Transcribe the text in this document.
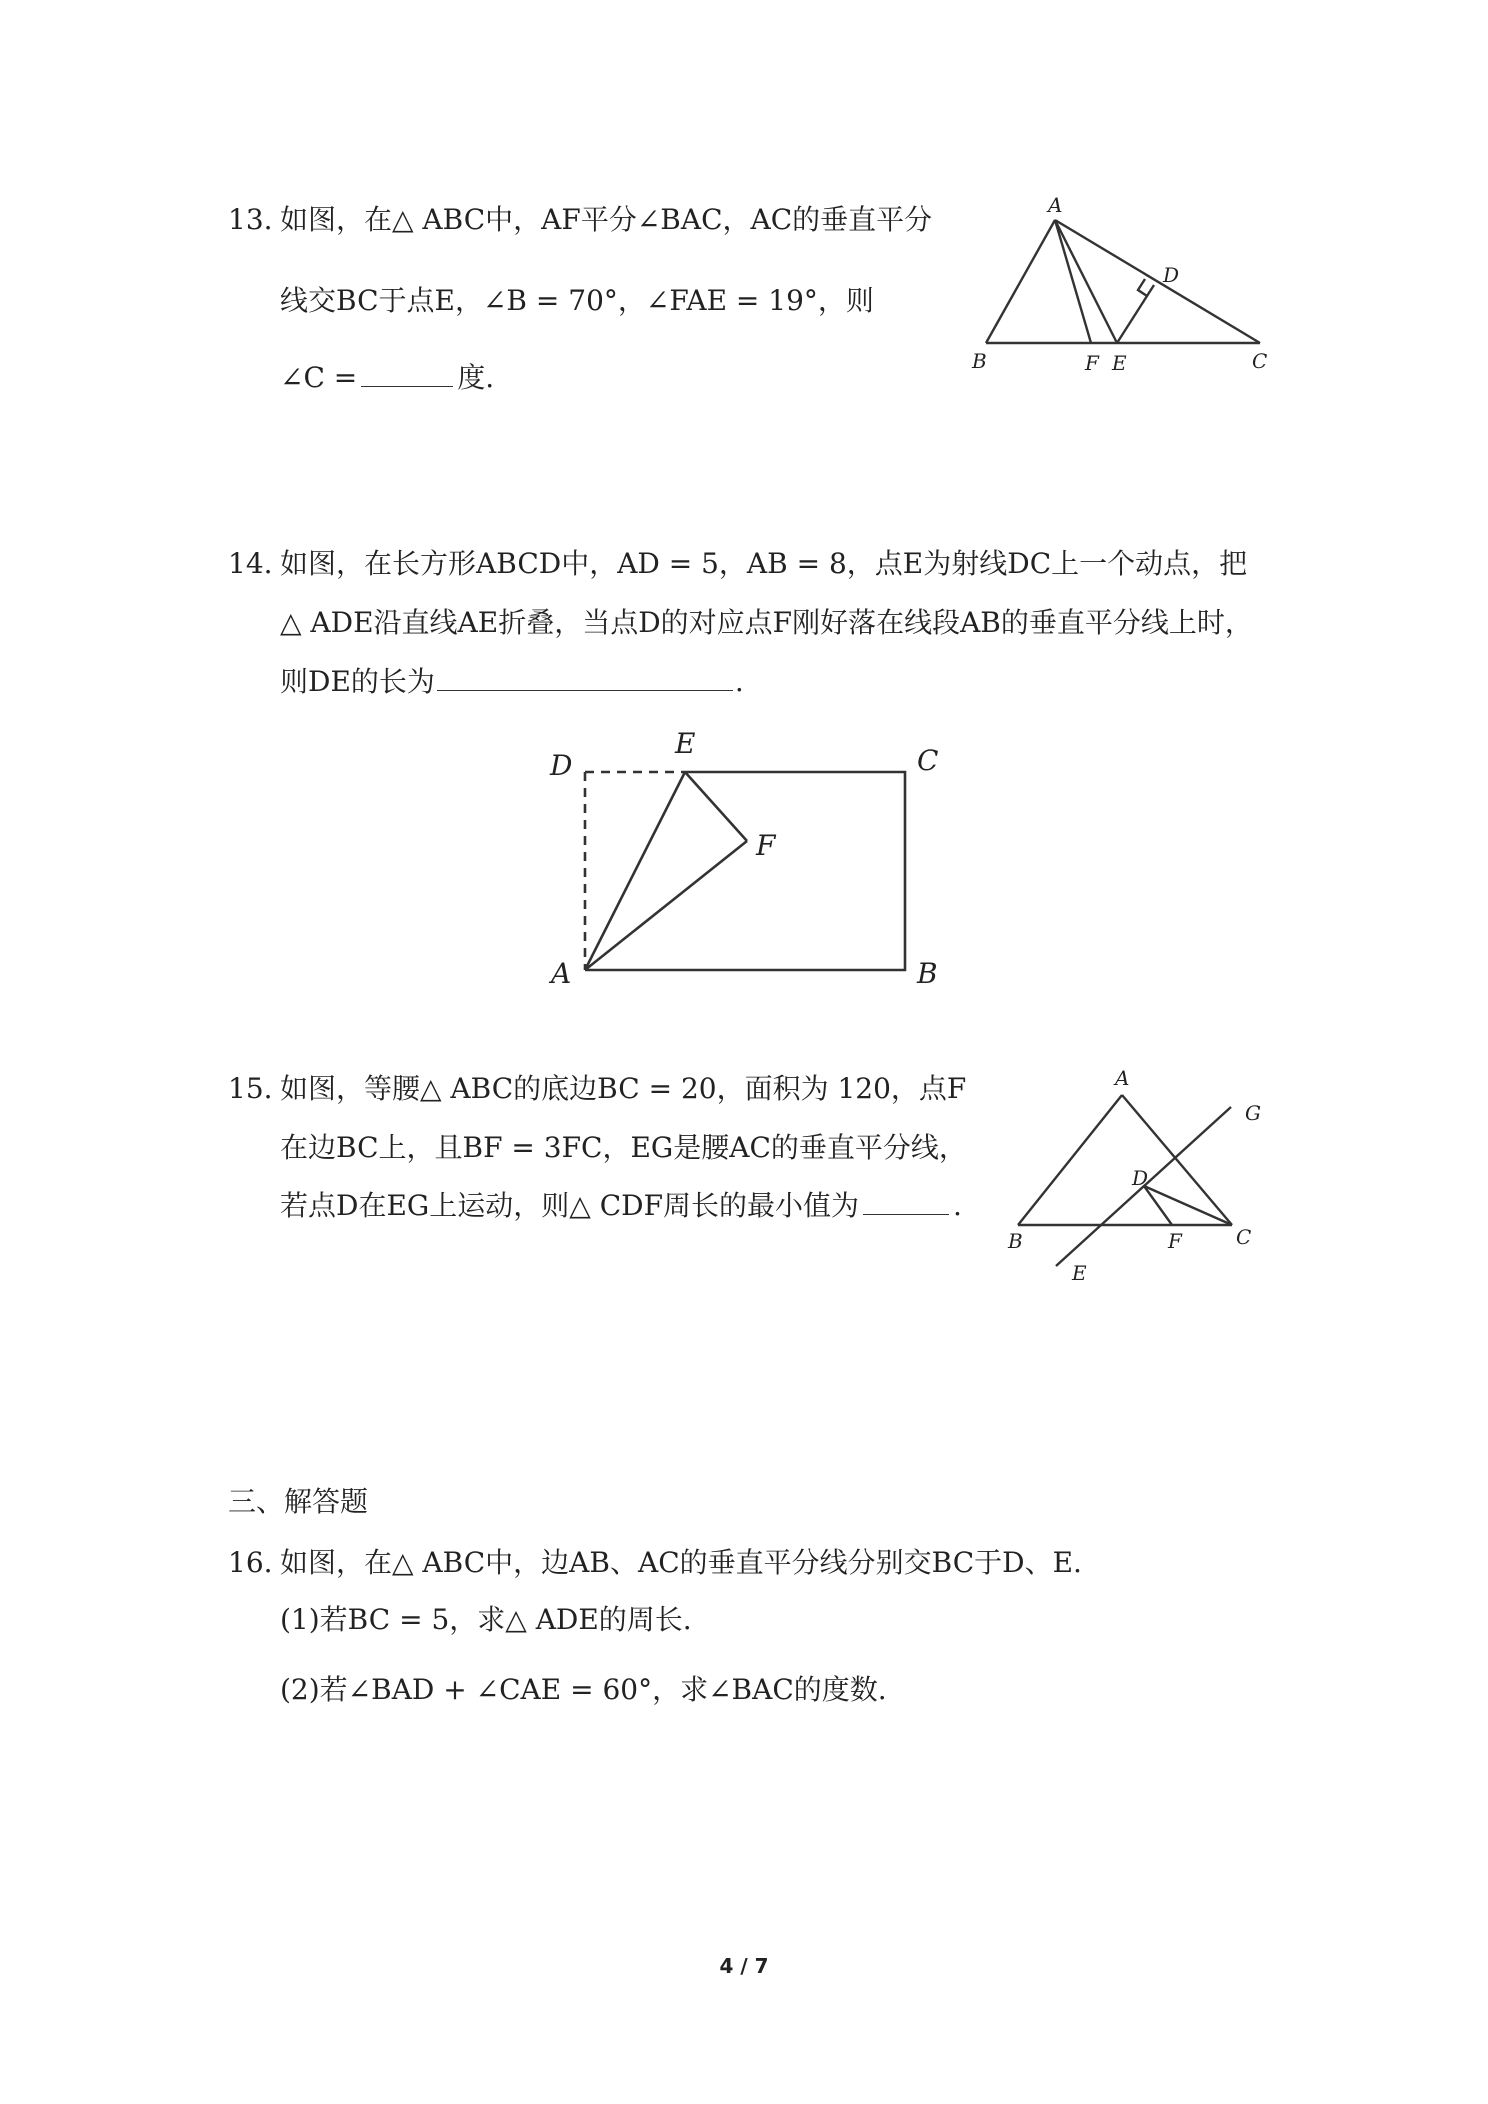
13. 如图，在△ ABC中，AF平分∠BAC，AC的垂直平分
线交BC于点E，∠B = 70°，∠FAE = 19°，则
∠C =	度.
A
B	C
D
E
F
14. 如图，在长方形ABCD中，AD = 5，AB = 8，点E为射线DC上一个动点，把
△ ADE沿直线AE折叠，当点D的对应点F刚好落在线段AB的垂直平分线上时，
则DE的长为	.
D
E
C
F
A	B
15. 如图，等腰△ ABC的底边BC = 20，面积为 120，点F
在边BC上，且BF = 3FC，EG是腰AC的垂直平分线，
若点D在EG上运动，则△ CDF周长的最小值为	.
A
G
D
B	F	C
E
三、解答题
16. 如图，在△ ABC中，边AB、AC的垂直平分线分别交BC于D、E.
(1)若BC = 5，求△ ADE的周长.
(2)若∠BAD + ∠CAE = 60°，求∠BAC的度数.
4 / 7
